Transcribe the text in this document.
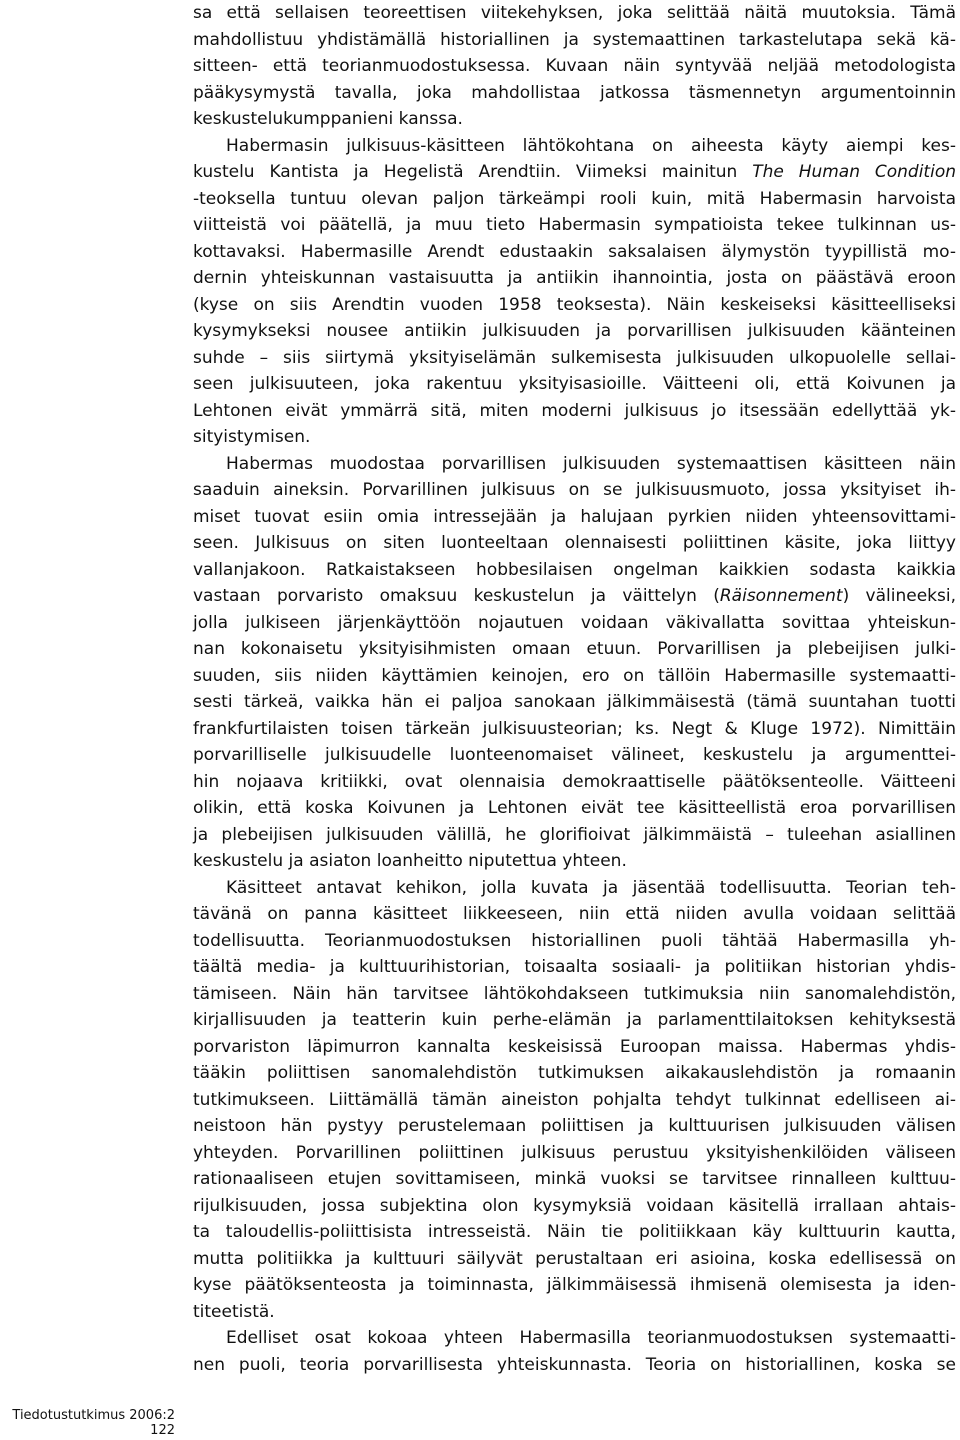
sa että sellaisen teoreettisen viitekehyksen, joka selittää näitä muutoksia. Tämä
mahdollistuu yhdistämällä historiallinen ja systemaattinen tarkastelutapa sekä kä-
sitteen- että teorianmuodostuksessa. Kuvaan näin syntyvää neljää metodologista
pääkysymystä tavalla, joka mahdollistaa jatkossa täsmennetyn argumentoinnin
keskustelukumppanieni kanssa.

Habermasin julkisuus-käsitteen lähtökohtana on aiheesta käyty aiempi kes-
kustelu Kantista ja Hegelistä Arendtiin. Viimeksi mainitun The Human Condition
-teoksella tuntuu olevan paljon tärkeämpi rooli kuin, mitä Habermasin harvoista
viitteistä voi päätellä, ja muu tieto Habermasin sympatioista tekee tulkinnan us-
kottavaksi. Habermasille Arendt edustaakin saksalaisen älymystön tyypillistä mo-
dernin yhteiskunnan vastaisuutta ja antiikin ihannointia, josta on päästävä eroon
(kyse on siis Arendtin vuoden 1958 teoksesta). Näin keskeiseksi käsitteelliseksi
kysymykseksi nousee antiikin julkisuuden ja porvarillisen julkisuuden käänteinen
suhde – siis siirtymä yksityiselämän sulkemisesta julkisuuden ulkopuolelle sellai-
seen julkisuuteen, joka rakentuu yksityisasioille. Väitteeni oli, että Koivunen ja
Lehtonen eivät ymmärrä sitä, miten moderni julkisuus jo itsessään edellyttää yk-
sityistymisen.

Habermas muodostaa porvarillisen julkisuuden systemaattisen käsitteen näin
saaduin aineksin. Porvarillinen julkisuus on se julkisuusmuoto, jossa yksityiset ih-
miset tuovat esiin omia intressejään ja halujaan pyrkien niiden yhteensovittami-
seen. Julkisuus on siten luonteeltaan olennaisesti poliittinen käsite, joka liittyy
vallanjakoon. Ratkaistakseen hobbesilaisen ongelman kaikkien sodasta kaikkia
vastaan porvaristo omaksuu keskustelun ja väittelyn (Räisonnement) välineeksi,
jolla julkiseen järjenkäyttöön nojautuen voidaan väkivallatta sovittaa yhteiskun-
nan kokonaisetu yksityisihmisten omaan etuun. Porvarillisen ja plebeijisen julki-
suuden, siis niiden käyttämien keinojen, ero on tällöin Habermasille systemaatti-
sesti tärkeä, vaikka hän ei paljoa sanokaan jälkimmäisestä (tämä suuntahan tuotti
frankfurtilaisten toisen tärkeän julkisuusteorian; ks. Negt & Kluge 1972). Nimittäin
porvarilliselle julkisuudelle luonteenomaiset välineet, keskustelu ja argumenttei-
hin nojaava kritiikki, ovat olennaisia demokraattiselle päätöksenteolle. Väitteeni
olikin, että koska Koivunen ja Lehtonen eivät tee käsitteellistä eroa porvarillisen
ja plebeijisen julkisuuden välillä, he glorifioivat jälkimmäistä – tuleehan asiallinen
keskustelu ja asiaton loanheitto niputettua yhteen.

Käsitteet antavat kehikon, jolla kuvata ja jäsentää todellisuutta. Teorian teh-
tävänä on panna käsitteet liikkeeseen, niin että niiden avulla voidaan selittää
todellisuutta. Teorianmuodostuksen historiallinen puoli tähtää Habermasilla yh-
täältä media- ja kulttuurihistorian, toisaalta sosiaali- ja politiikan historian yhdis-
tämiseen. Näin hän tarvitsee lähtökohdakseen tutkimuksia niin sanomalehdistön,
kirjallisuuden ja teatterin kuin perhe-elämän ja parlamenttilaitoksen kehityksestä
porvariston läpimurron kannalta keskeisissä Euroopan maissa. Habermas yhdis-
tääkin poliittisen sanomalehdistön tutkimuksen aikakauslehdistön ja romaanin
tutkimukseen. Liittämällä tämän aineiston pohjalta tehdyt tulkinnat edelliseen ai-
neistoon hän pystyy perustelemaan poliittisen ja kulttuurisen julkisuuden välisen
yhteyden. Porvarillinen poliittinen julkisuus perustuu yksityishenkilöiden väliseen
rationaaliseen etujen sovittamiseen, minkä vuoksi se tarvitsee rinnalleen kulttuu-
rijulkisuuden, jossa subjektina olon kysymyksiä voidaan käsitellä irrallaan ahtais-
ta taloudellis-poliittisista intresseistä. Näin tie politiikkaan käy kulttuurin kautta,
mutta politiikka ja kulttuuri säilyvät perustaltaan eri asioina, koska edellisessä on
kyse päätöksenteosta ja toiminnasta, jälkimmäisessä ihmisenä olemisesta ja iden-
titeetistä.

Edelliset osat kokoaa yhteen Habermasilla teorianmuodostuksen systemaatti-
nen puoli, teoria porvarillisesta yhteiskunnasta. Teoria on historiallinen, koska se

Tiedotustutkimus 2006:2
122
